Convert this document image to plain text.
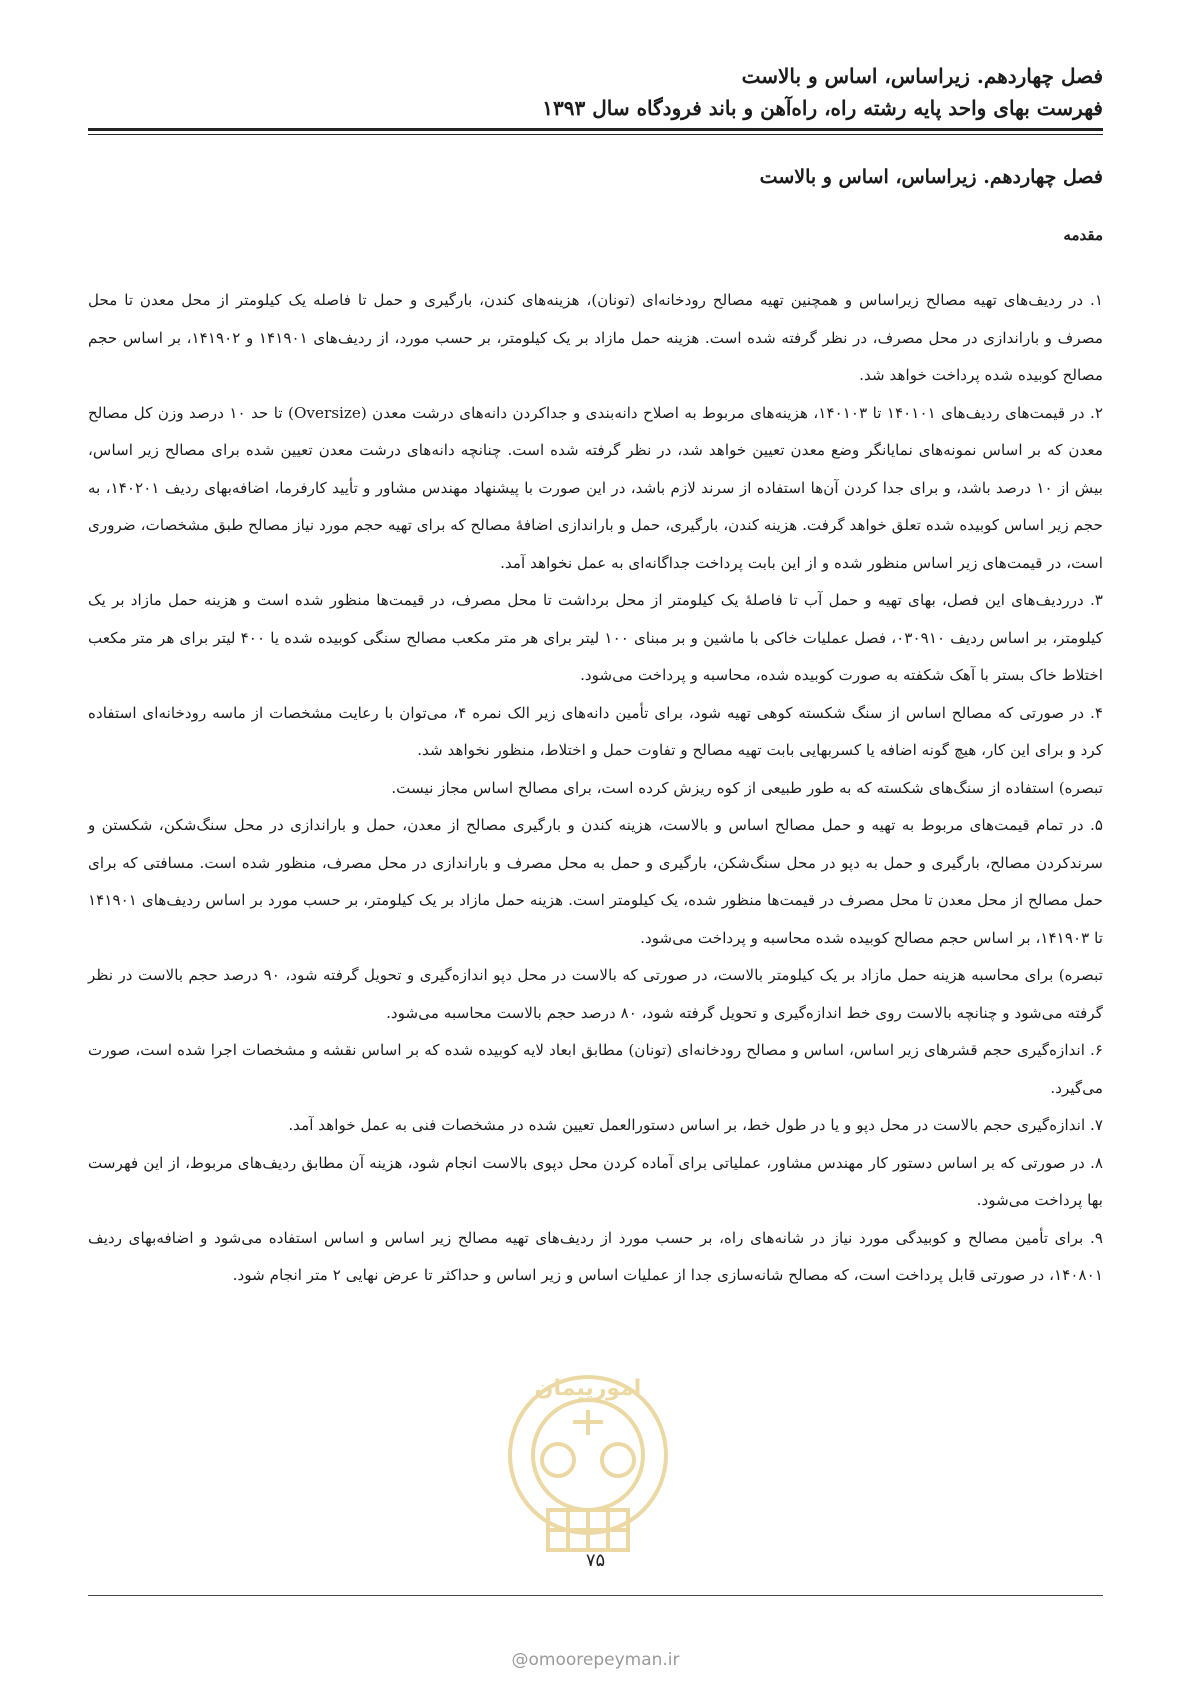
فصل چهاردهم. زیراساس، اساس و بالاست
فهرست بهای واحد پایه رشته راه، راه‌آهن و باند فرودگاه سال ۱۳۹۳
فصل چهاردهم. زیراساس، اساس و بالاست
مقدمه

۱. در ردیف‌های تهیه مصالح زیراساس و همچنین تهیه مصالح رودخانه‌ای (تونان)، هزینه‌های کندن، بارگیری و حمل تا فاصله یک کیلومتر از محل معدن تا محل مصرف و باراندازی در محل مصرف، در نظر گرفته شده است. هزینه حمل مازاد بر یک کیلومتر، بر حسب مورد، از ردیف‌های ۱۴۱۹۰۱ و ۱۴۱۹۰۲، بر اساس حجم مصالح کوبیده شده پرداخت خواهد شد.

۲. در قیمت‌های ردیف‌های ۱۴۰۱۰۱ تا ۱۴۰۱۰۳، هزینه‌های مربوط به اصلاح دانه‌بندی و جداکردن دانه‌های درشت معدن (Oversize) تا حد ۱۰ درصد وزن کل مصالح معدن که بر اساس نمونه‌های نمایانگر وضع معدن تعیین خواهد شد، در نظر گرفته شده است. چنانچه دانه‌های درشت معدن تعیین شده برای مصالح زیر اساس، بیش از ۱۰ درصد باشد، و برای جدا کردن آن‌ها استفاده از سرند لازم باشد، در این صورت با پیشنهاد مهندس مشاور و تأیید کارفرما، اضافه‌بهای ردیف ۱۴۰۲۰۱، به حجم زیر اساس کوبیده شده تعلق خواهد گرفت. هزینه کندن، بارگیری، حمل و باراندازی اضافهٔ مصالح که برای تهیه حجم مورد نیاز مصالح طبق مشخصات، ضروری است، در قیمت‌های زیر اساس منظور شده و از این بابت پرداخت جداگانه‌ای به عمل نخواهد آمد.

۳. درردیف‌های این فصل، بهای تهیه و حمل آب تا فاصلهٔ یک کیلومتر از محل برداشت تا محل مصرف، در قیمت‌ها منظور شده است و هزینه حمل مازاد بر یک کیلومتر، بر اساس ردیف ۰۳۰۹۱۰، فصل عملیات خاکی با ماشین و بر مبنای ۱۰۰ لیتر برای هر متر مکعب مصالح سنگی کوبیده شده یا ۴۰۰ لیتر برای هر متر مکعب اختلاط خاک بستر با آهک شکفته به صورت کوبیده شده، محاسبه و پرداخت می‌شود.

۴. در صورتی که مصالح اساس از سنگ شکسته کوهی تهیه شود، برای تأمین دانه‌های زیر الک نمره ۴، می‌توان با رعایت مشخصات از ماسه رودخانه‌ای استفاده کرد و برای این کار، هیچ گونه اضافه یا کسربهایی بابت تهیه مصالح و تفاوت حمل و اختلاط، منظور نخواهد شد.

تبصره) استفاده از سنگ‌های شکسته که به طور طبیعی از کوه ریزش کرده است، برای مصالح اساس مجاز نیست.

۵. در تمام قیمت‌های مربوط به تهیه و حمل مصالح اساس و بالاست، هزینه کندن و بارگیری مصالح از معدن، حمل و باراندازی در محل سنگ‌شکن، شکستن و سرندکردن مصالح، بارگیری و حمل به دپو در محل سنگ‌شکن، بارگیری و حمل به محل مصرف و باراندازی در محل مصرف، منظور شده است. مسافتی که برای حمل مصالح از محل معدن تا محل مصرف در قیمت‌ها منظور شده، یک کیلومتر است. هزینه حمل مازاد بر یک کیلومتر، بر حسب مورد بر اساس ردیف‌های ۱۴۱۹۰۱ تا ۱۴۱۹۰۳، بر اساس حجم مصالح کوبیده شده محاسبه و پرداخت می‌شود.

تبصره) برای محاسبه هزینه حمل مازاد بر یک کیلومتر بالاست، در صورتی که بالاست در محل دپو اندازه‌گیری و تحویل گرفته شود، ۹۰ درصد حجم بالاست در نظر گرفته می‌شود و چنانچه بالاست روی خط اندازه‌گیری و تحویل گرفته شود، ۸۰ درصد حجم بالاست محاسبه می‌شود.

۶. اندازه‌گیری حجم قشرهای زیر اساس، اساس و مصالح رودخانه‌ای (تونان) مطابق ابعاد لایه کوبیده شده که بر اساس نقشه و مشخصات اجرا شده است، صورت می‌گیرد.

۷. اندازه‌گیری حجم بالاست در محل دپو و یا در طول خط، بر اساس دستورالعمل تعیین شده در مشخصات فنی به عمل خواهد آمد.

۸. در صورتی که بر اساس دستور کار مهندس مشاور، عملیاتی برای آماده کردن محل دپوی بالاست انجام شود، هزینه آن مطابق ردیف‌های مربوط، از این فهرست بها پرداخت می‌شود.

۹. برای تأمین مصالح و کوبیدگی مورد نیاز در شانه‌های راه، بر حسب مورد از ردیف‌های تهیه مصالح زیر اساس و اساس استفاده می‌شود و اضافه‌بهای ردیف ۱۴۰۸۰۱، در صورتی قابل پرداخت است، که مصالح شانه‌سازی جدا از عملیات اساس و زیر اساس و حداکثر تا عرض نهایی ۲ متر انجام شود.

امورپیمان
۷۵
@omoorepeyman.ir
